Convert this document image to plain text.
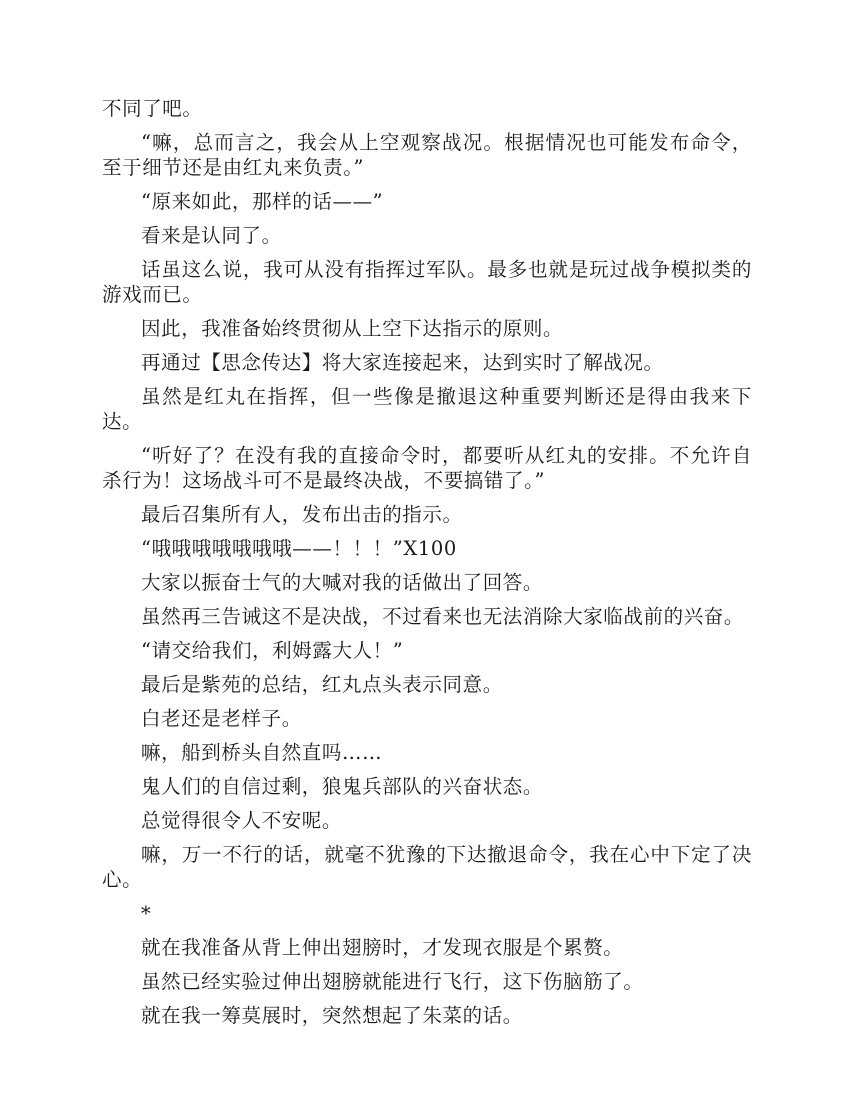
不同了吧。

“嘛，总而言之，我会从上空观察战况。根据情况也可能发布命令，至于细节还是由红丸来负责。”

“原来如此，那样的话——”

看来是认同了。

话虽这么说，我可从没有指挥过军队。最多也就是玩过战争模拟类的游戏而已。

因此，我准备始终贯彻从上空下达指示的原则。

再通过【思念传达】将大家连接起来，达到实时了解战况。

虽然是红丸在指挥，但一些像是撤退这种重要判断还是得由我来下达。

“听好了？在没有我的直接命令时，都要听从红丸的安排。不允许自杀行为！这场战斗可不是最终决战，不要搞错了。”

最后召集所有人，发布出击的指示。

“哦哦哦哦哦哦哦——！！！”X100

大家以振奋士气的大喊对我的话做出了回答。

虽然再三告诫这不是决战，不过看来也无法消除大家临战前的兴奋。

“请交给我们，利姆露大人！”

最后是紫苑的总结，红丸点头表示同意。

白老还是老样子。

嘛，船到桥头自然直吗……

鬼人们的自信过剩，狼鬼兵部队的兴奋状态。

总觉得很令人不安呢。

嘛，万一不行的话，就毫不犹豫的下达撤退命令，我在心中下定了决心。

*

就在我准备从背上伸出翅膀时，才发现衣服是个累赘。

虽然已经实验过伸出翅膀就能进行飞行，这下伤脑筋了。

就在我一筹莫展时，突然想起了朱菜的话。
